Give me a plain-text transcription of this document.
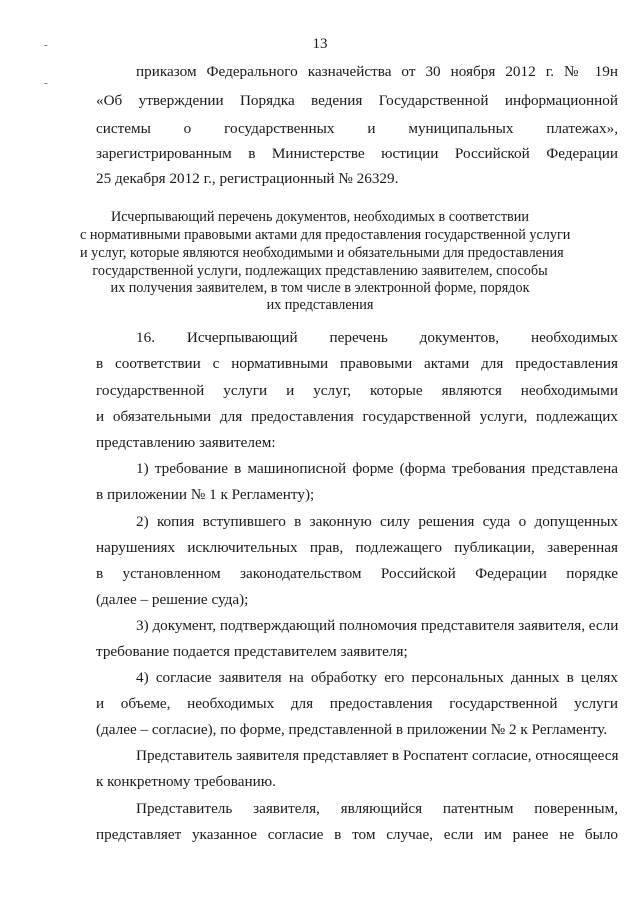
13
-
-
приказом Федерального казначейства от 30 ноября 2012 г. № 19н
«Об утверждении Порядка ведения Государственной информационной
системы о государственных и муниципальных платежах»,
зарегистрированным в Министерстве юстиции Российской Федерации
25 декабря 2012 г., регистрационный № 26329.
Исчерпывающий перечень документов, необходимых в соответствии
с нормативными правовыми актами для предоставления государственной услуги
и услуг, которые являются необходимыми и обязательными для предоставления
государственной услуги, подлежащих представлению заявителем, способы
их получения заявителем, в том числе в электронной форме, порядок
их представления
16. Исчерпывающий перечень документов, необходимых
в соответствии с нормативными правовыми актами для предоставления
государственной услуги и услуг, которые являются необходимыми
и обязательными для предоставления государственной услуги, подлежащих
представлению заявителем:
1) требование в машинописной форме (форма требования представлена
в приложении № 1 к Регламенту);
2) копия вступившего в законную силу решения суда о допущенных
нарушениях исключительных прав, подлежащего публикации, заверенная
в установленном законодательством Российской Федерации порядке
(далее – решение суда);
3) документ, подтверждающий полномочия представителя заявителя, если
требование подается представителем заявителя;
4) согласие заявителя на обработку его персональных данных в целях
и объеме, необходимых для предоставления государственной услуги
(далее – согласие), по форме, представленной в приложении № 2 к Регламенту.
Представитель заявителя представляет в Роспатент согласие, относящееся
к конкретному требованию.
Представитель заявителя, являющийся патентным поверенным,
представляет указанное согласие в том случае, если им ранее не было
